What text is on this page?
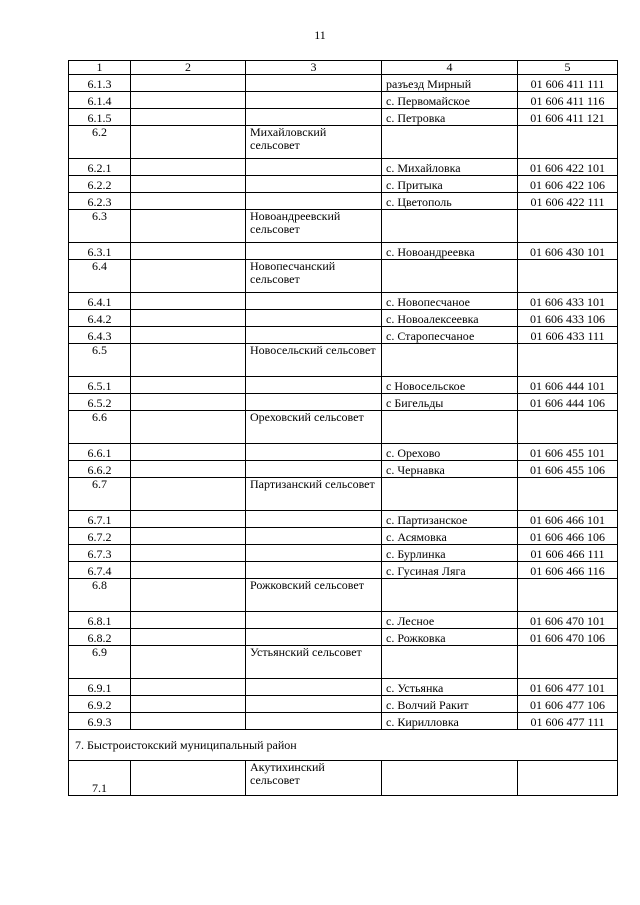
11
1	2	3	4	5
6.1.3			разъезд Мирный	01 606 411 111
6.1.4			с. Первомайское	01 606 411 116
6.1.5			с. Петровка	01 606 411 121
6.2		Михайловский сельсовет		
6.2.1			с. Михайловка	01 606 422 101
6.2.2			с. Притыка	01 606 422 106
6.2.3			с. Цветополь	01 606 422 111
6.3		Новоандреевский сельсовет		
6.3.1			с. Новоандреевка	01 606 430 101
6.4		Новопесчанский сельсовет		
6.4.1			с. Новопесчаное	01 606 433 101
6.4.2			с. Новоалексеевка	01 606 433 106
6.4.3			с. Старопесчаное	01 606 433 111
6.5		Новосельский сельсовет		
6.5.1			с Новосельское	01 606 444 101
6.5.2			с Бигельды	01 606 444 106
6.6		Ореховский сельсовет		
6.6.1			с. Орехово	01 606 455 101
6.6.2			с. Чернавка	01 606 455 106
6.7		Партизанский сельсовет		
6.7.1			с. Партизанское	01 606 466 101
6.7.2			с. Асямовка	01 606 466 106
6.7.3			с. Бурлинка	01 606 466 111
6.7.4			с. Гусиная Ляга	01 606 466 116
6.8		Рожковский сельсовет		
6.8.1			с. Лесное	01 606 470 101
6.8.2			с. Рожковка	01 606 470 106
6.9		Устьянский сельсовет		
6.9.1			с. Устьянка	01 606 477 101
6.9.2			с. Волчий Ракит	01 606 477 106
6.9.3			с. Кирилловка	01 606 477 111
7. Быстроистокский муниципальный район				
7.1		Акутихинский сельсовет		
